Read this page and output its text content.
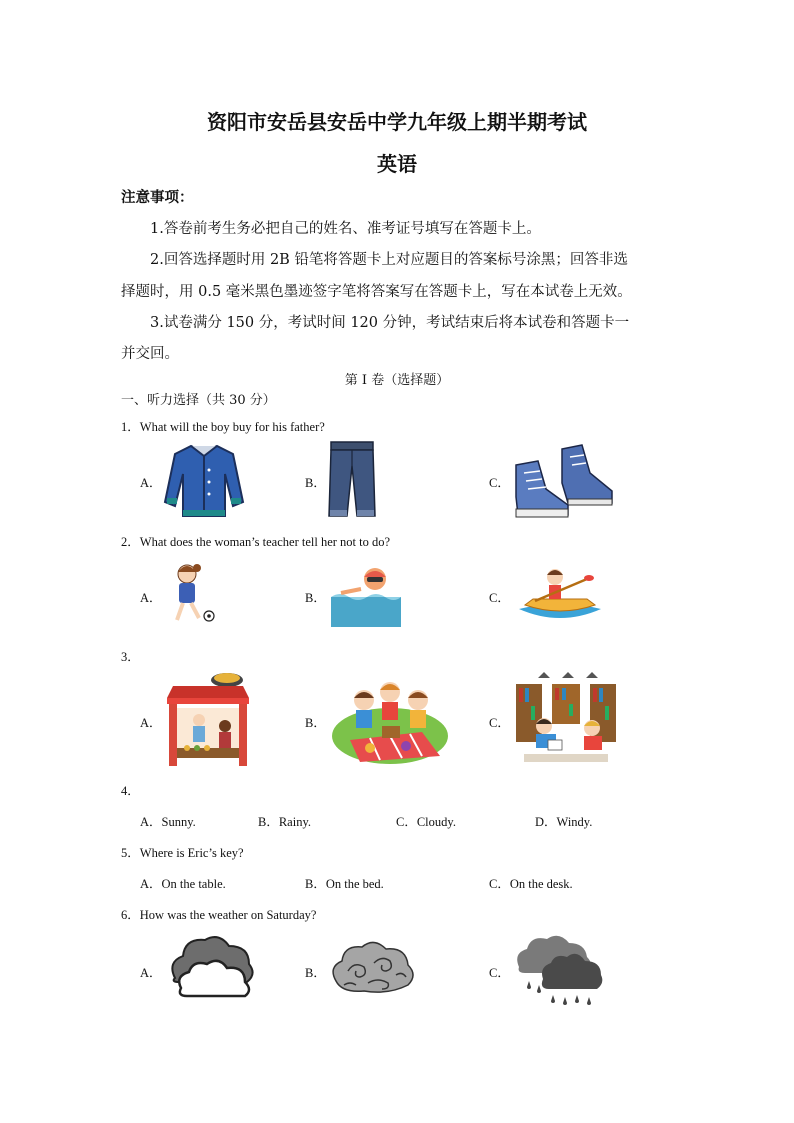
资阳市安岳县安岳中学九年级上期半期考试
英语
注意事项：
1.答卷前考生务必把自己的姓名、准考证号填写在答题卡上。
2.回答选择题时用 2B 铅笔将答题卡上对应题目的答案标号涂黑；回答非选
择题时，用 0.5 毫米黑色墨迹签字笔将答案写在答题卡上，写在本试卷上无效。
3.试卷满分 150 分，考试时间 120 分钟，考试结束后将本试卷和答题卡一
并交回。
第 I 卷（选择题）
一、听力选择（共 30 分）
1．What will the boy buy for his father?
A．	B．	C．
2．What does the woman’s teacher tell her not to do?
A．	B．	C．
3．
A．	B．	C．
4．
A．Sunny.	B．Rainy.	C．Cloudy.	D．Windy.
5．Where is Eric’s key?
A．On the table.	B．On the bed.	C．On the desk.
6．How was the weather on Saturday?
A．	B．	C．
